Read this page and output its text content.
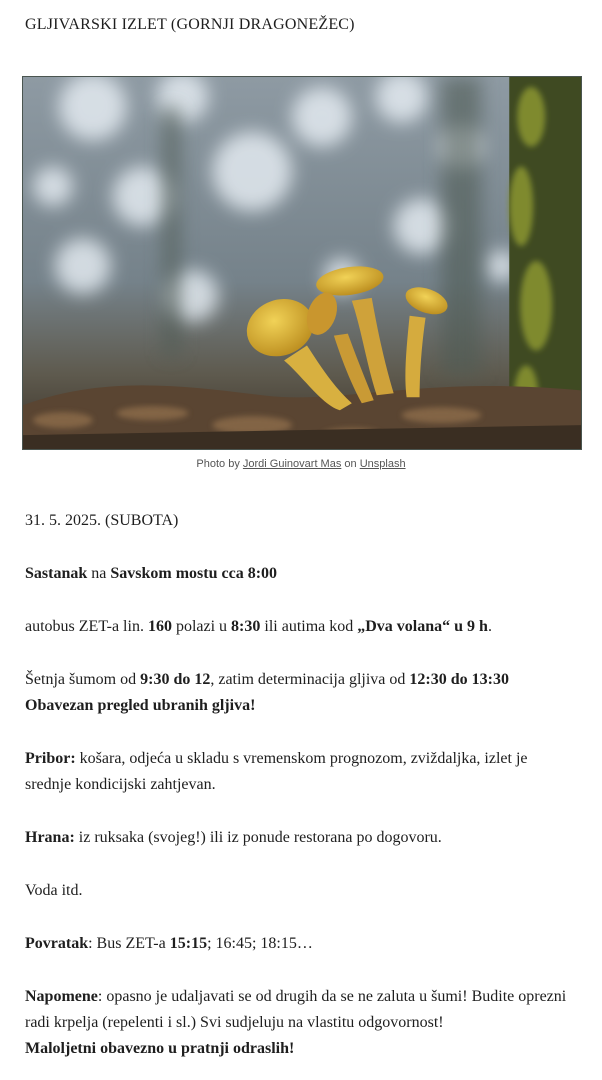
GLJIVARSKI IZLET (GORNJI DRAGONEŽEC)
Photo by Jordi Guinovart Mas on Unsplash

31. 5. 2025. (SUBOTA)

Sastanak na Savskom mostu cca 8:00

autobus ZET-a lin. 160 polazi u 8:30 ili autima kod „Dva volana“ u 9 h.

Šetnja šumom od 9:30 do 12, zatim determinacija gljiva od 12:30 do 13:30

Obavezan pregled ubranih gljiva!

Pribor: košara, odjeća u skladu s vremenskom prognozom, zviždaljka, izlet je srednje kondicijski zahtjevan.

Hrana: iz ruksaka (svojeg!) ili iz ponude restorana po dogovoru.

Voda itd.

Povratak: Bus ZET-a 15:15; 16:45; 18:15…

Napomene: opasno je udaljavati se od drugih da se ne zaluta u šumi! Budite oprezni radi krpelja (repelenti i sl.) Svi sudjeluju na vlastitu odgovornost!

Maloljetni obavezno u pratnji odraslih!
